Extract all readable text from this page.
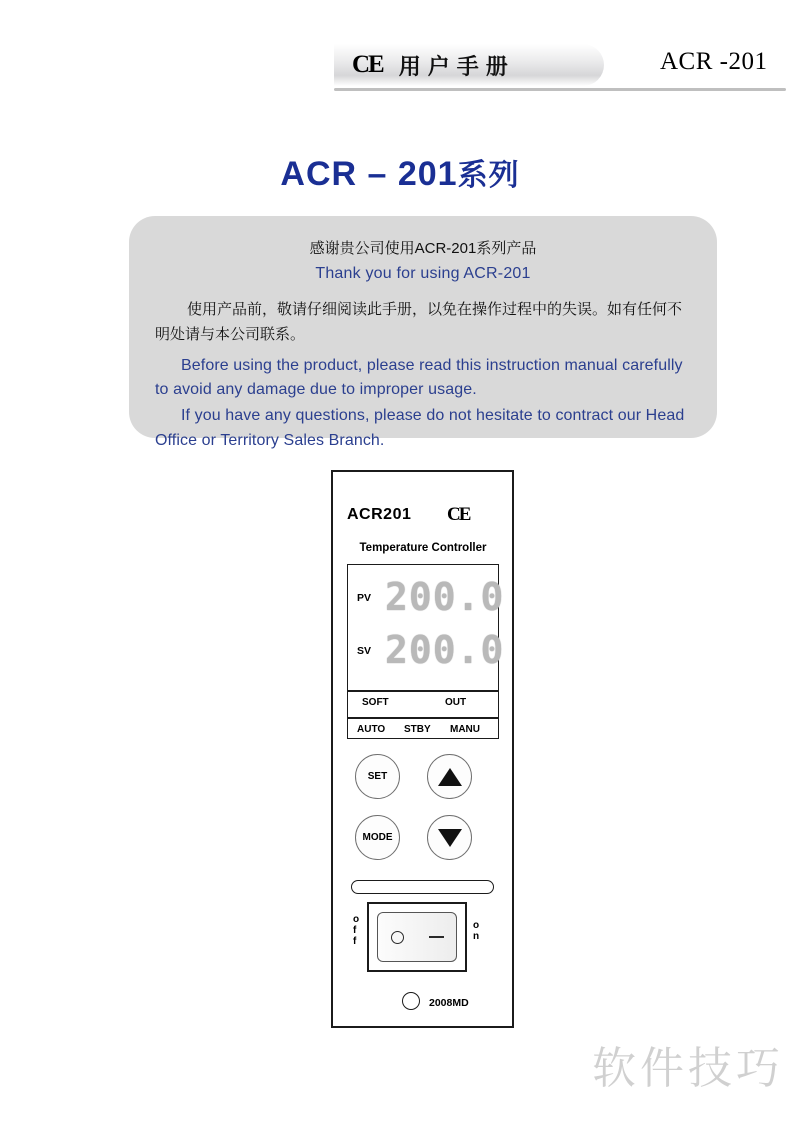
CE 用户手册	ACR -201
ACR – 201系列
感谢贵公司使用ACR-201系列产品
Thank you for using ACR-201
使用产品前，敬请仔细阅读此手册，以免在操作过程中的失误。如有任何不明处请与本公司联系。
Before using the product, please read this instruction manual carefully to avoid any damage due to improper usage.
If you have any questions, please do not hesitate to contract our Head Office or Territory Sales Branch.
ACR201 CE
Temperature Controller
PV 200.0
SV 200.0
SOFT	OUT
AUTO STBY MANU
SET
MODE
o
f
f
o
n
2008MD
软件技巧
